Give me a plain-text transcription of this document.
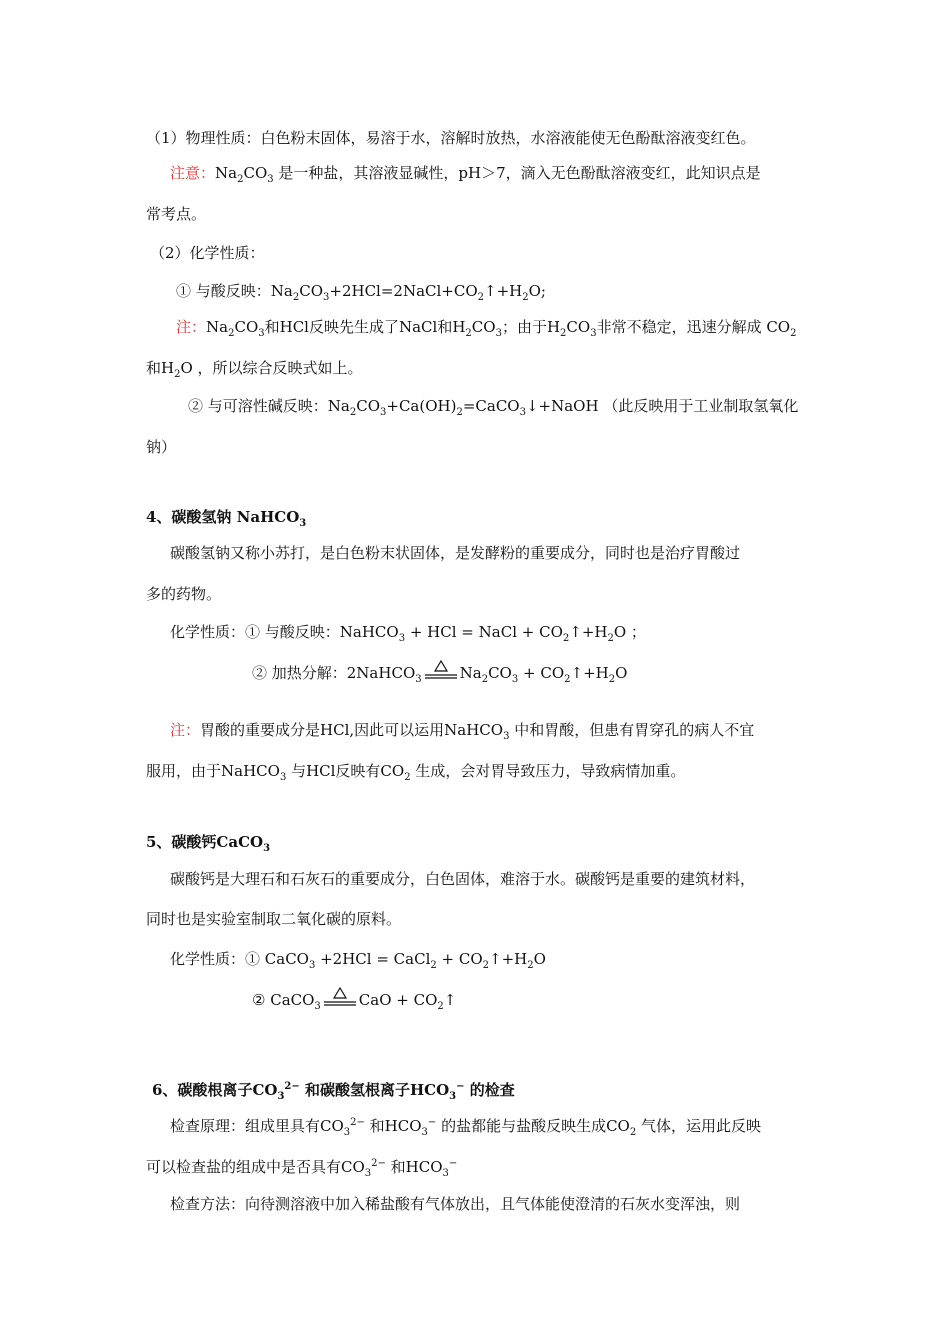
（1）物理性质：白色粉末固体，易溶于水，溶解时放热，水溶液能使无色酚酞溶液变红色。
注意：$Na_2CO_3$ 是一种盐，其溶液显碱性，pH＞7，滴入无色酚酞溶液变红，此知识点是
常考点。
（2）化学性质：
① 与酸反映：$Na_2CO_3+2HCl=2NaCl+CO_2↑+H_2O$;
注：$Na_2CO_3$和HCl反映先生成了NaCl和$H_2CO_3$；由于$H_2CO_3$非常不稳定，迅速分解成 $CO_2$
和$H_2O$ ，所以综合反映式如上。
② 与可溶性碱反映：$Na_2CO_3+Ca(OH)_2=CaCO_3↓+NaOH$ （此反映用于工业制取氢氧化
钠）
4、碳酸氢钠 NaHCO$_3$
碳酸氢钠又称小苏打，是白色粉末状固体，是发酵粉的重要成分，同时也是治疗胃酸过
多的药物。
化学性质：① 与酸反映：NaHCO$_3$ + HCl = NaCl + $CO_2↑+H_2O$ ；
② 加热分解：2NaHCO$_3$	$Na_2CO_3$ + $CO_2↑+H_2O$
注：胃酸的重要成分是HCl,因此可以运用NaHCO$_3$ 中和胃酸，但患有胃穿孔的病人不宜
服用，由于NaHCO$_3$ 与HCl反映有$CO_2$ 生成，会对胃导致压力，导致病情加重。
5、碳酸钙CaCO$_3$
碳酸钙是大理石和石灰石的重要成分，白色固体，难溶于水。碳酸钙是重要的建筑材料，
同时也是实验室制取二氧化碳的原料。
化学性质：① CaCO$_3$ +2HCl = CaCl$_2$ + $CO_2↑+H_2O$
② CaCO$_3$	CaO + $CO_2↑$
6、碳酸根离子$CO_3^{2-}$ 和碳酸氢根离子$HCO_3^-$ 的检查
检查原理：组成里具有$CO_3^{2-}$ 和$HCO_3^-$ 的盐都能与盐酸反映生成$CO_2$ 气体，运用此反映
可以检查盐的组成中是否具有$CO_3^{2-}$ 和$HCO_3^-$
检查方法：向待测溶液中加入稀盐酸有气体放出，且气体能使澄清的石灰水变浑浊，则
